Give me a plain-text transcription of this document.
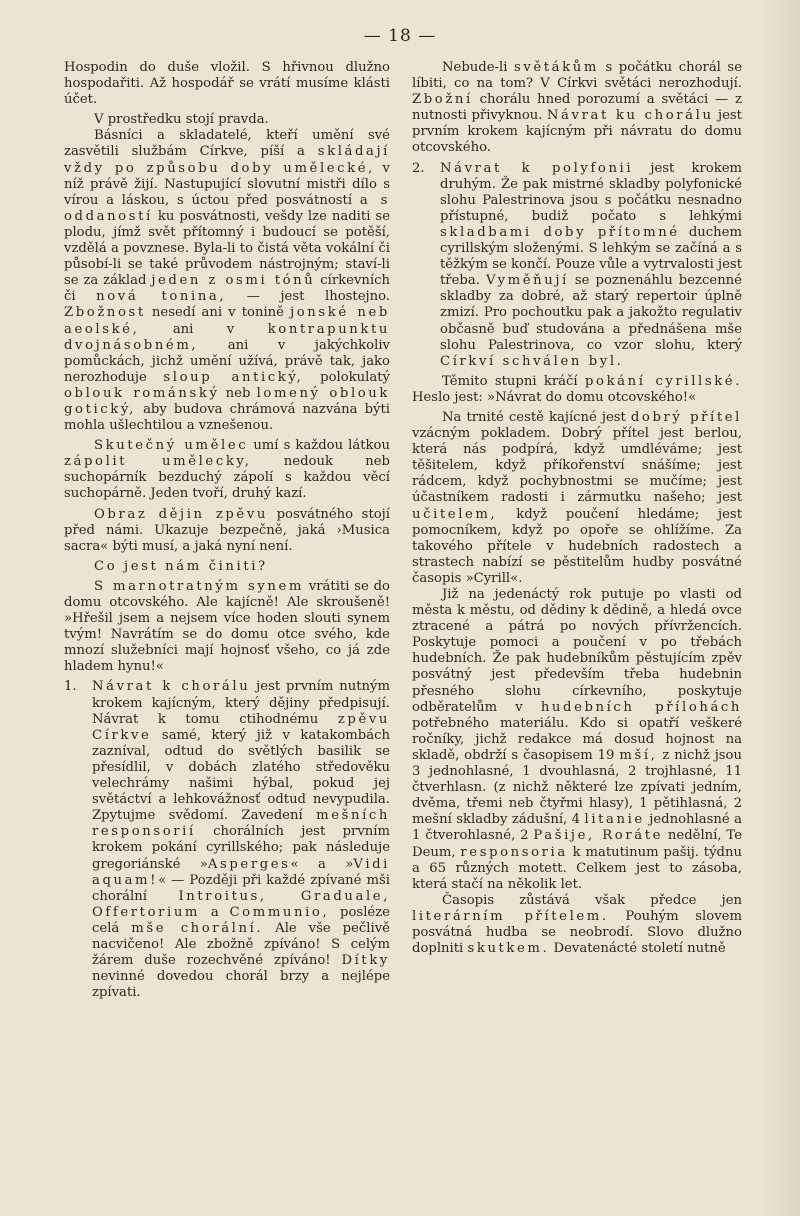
— 18 —

Hospodin do duše vložil. S hřivnou dlužno hospodařiti. Až hospodář se vrátí musíme klásti účet.

V prostředku stojí pravda.

Básníci a skladatelé, kteří umění své zasvětili službám Církve, píší a skládají vždy po způsobu doby umělecké, v níž právě žijí. Nastupující slovutní mistři dílo s vírou a láskou, s úctou před posvátností a s oddaností ku posvátnosti, vešdy lze naditi se plodu, jímž svět přítomný i budoucí se potěší, vzdělá a povznese. Byla-li to čistá věta vokální či působí-li se také průvodem nástrojným; staví-li se za základ jeden z osmi tónů církevních či nová tonina, — jest lhostejno. Zbožnost nesedí ani v tonině jonské neb aeolské,	ani v	kontrapunktu dvojnásobném, ani v jakýchkoliv pomůckách, jichž umění užívá, právě tak, jako nerozhoduje sloup antický, polokulatý oblouk románský neb lomený oblouk gotický, aby budova chrámová nazvána býti mohla ušlechtilou a vznešenou.

Skutečný umělec umí s každou látkou zápolit umělecky, nedouk neb suchopárník bezduchý zápolí s každou věcí suchopárně. Jeden tvoří, druhý kazí.

Obraz dějin zpěvu posvátného stojí před námi. Ukazuje bezpečně, jaká ›Musica sacra« býti musí, a jaká nyní není.

Co jest nám činiti?

S marnotratným synem vrátiti se do domu otcovského. Ale kajícně! Ale skroušeně! »Hřešil jsem a nejsem více hoden slouti synem tvým! Navrátím se do domu otce svého, kde mnozí služebníci mají hojnosť všeho, co já zde hladem hynu!«

1.	Návrat k chorálu jest prvním nutným krokem kajícným, který dějiny předpisují. Návrat k tomu ctihodnému zpěvu Církve samé, který již v katakombách zazníval, odtud do světlých basilik se přesídlil, v dobách zlatého středověku velechrámy našimi hýbal, pokud jej světáctví a lehkovážnosť odtud nevypudila. Zpytujme svědomí. Zavedení mešních responsorií chorálních jest prvním krokem pokání cyrillského; pak následuje gregoriánské »Asperges« a »Vidi aquam!« — Později při každé zpívané mši chorální Introitus, Graduale, Offertorium a Communio, posléze celá mše chorální. Ale vše pečlivě nacvičeno! Ale zbožně zpíváno! S celým žárem duše rozechvěné zpíváno! Dítky nevinné dovedou chorál brzy a nejlépe zpívati.

Nebude-li světákům s počátku chorál se líbiti, co na tom? V Církvi světáci nerozhodují. Zbožní chorálu hned porozumí a světáci — z nutnosti přivyknou. Návrat ku chorálu jest prvním krokem kajícným při návratu do domu otcovského.

2.	Návrat k polyfonii jest krokem druhým. Že pak mistrné skladby polyfonické slohu Palestrinova jsou s počátku nesnadno přístupné, budiž počato s lehkými skladbami doby přítomné duchem cyrillským složenými. S lehkým se začíná a s těžkým se končí. Pouze vůle a vytrvalosti jest třeba. Vyměňují se poznenáhlu bezcenné skladby za dobré, až starý repertoir úplně zmizí. Pro pochoutku pak a jakožto regulativ občasně buď studována a přednášena mše slohu Palestrinova, co vzor slohu, který Církví schválen byl.

Těmito stupni kráčí pokání cyrillské. Heslo jest: »Návrat do domu otcovského!«

Na trnité cestě kajícné jest dobrý přítel vzácným pokladem. Dobrý přítel jest berlou, která nás podpírá, když umdléváme; jest těšitelem, když příkořenství snášíme; jest rádcem, když pochybnostmi se mučíme; jest účastníkem radosti i zármutku našeho; jest učitelem, když poučení hledáme; jest pomocníkem, když po opoře se ohlížíme. Za takového přítele v hudebních radostech a strastech nabízí se pěstitelům hudby posvátné časopis »Cyrill«.

Již na jedenáctý rok putuje po vlasti od města k městu, od dědiny k dědině, a hledá ovce ztracené a pátrá po nových přívržencích. Poskytuje pomoci a poučení v po třebách hudebních. Že pak hudebníkům pěstujícím zpěv posvátný jest především třeba hudebnin přesného slohu církevního, poskytuje odběratelům v hudebních přílohách potřebného materiálu. Kdo si opatří veškeré ročníky, jichž redakce má dosud hojnost na skladě, obdrží s časopisem 19 mší, z nichž jsou 3 jednohlasné, 1 dvouhlasná, 2 trojhlasné, 11 čtverhlasn. (z nichž některé lze zpívati jedním, dvěma, třemi neb čtyřmi hlasy), 1 pětihlasná, 2 mešní skladby zádušní, 4 litanie jednohlasné a 1 čtverohlasné, 2 Pašije, Roráte nedělní, Te Deum, responsoria k matutinum pašij. týdnu a 65 různých motett. Celkem jest to zásoba, která stačí na několik let.

Časopis zůstává však předce jen literárním přítelem. Pouhým slovem posvátná hudba se neobrodí. Slovo dlužno doplniti skutkem. Devatenácté století nutně
